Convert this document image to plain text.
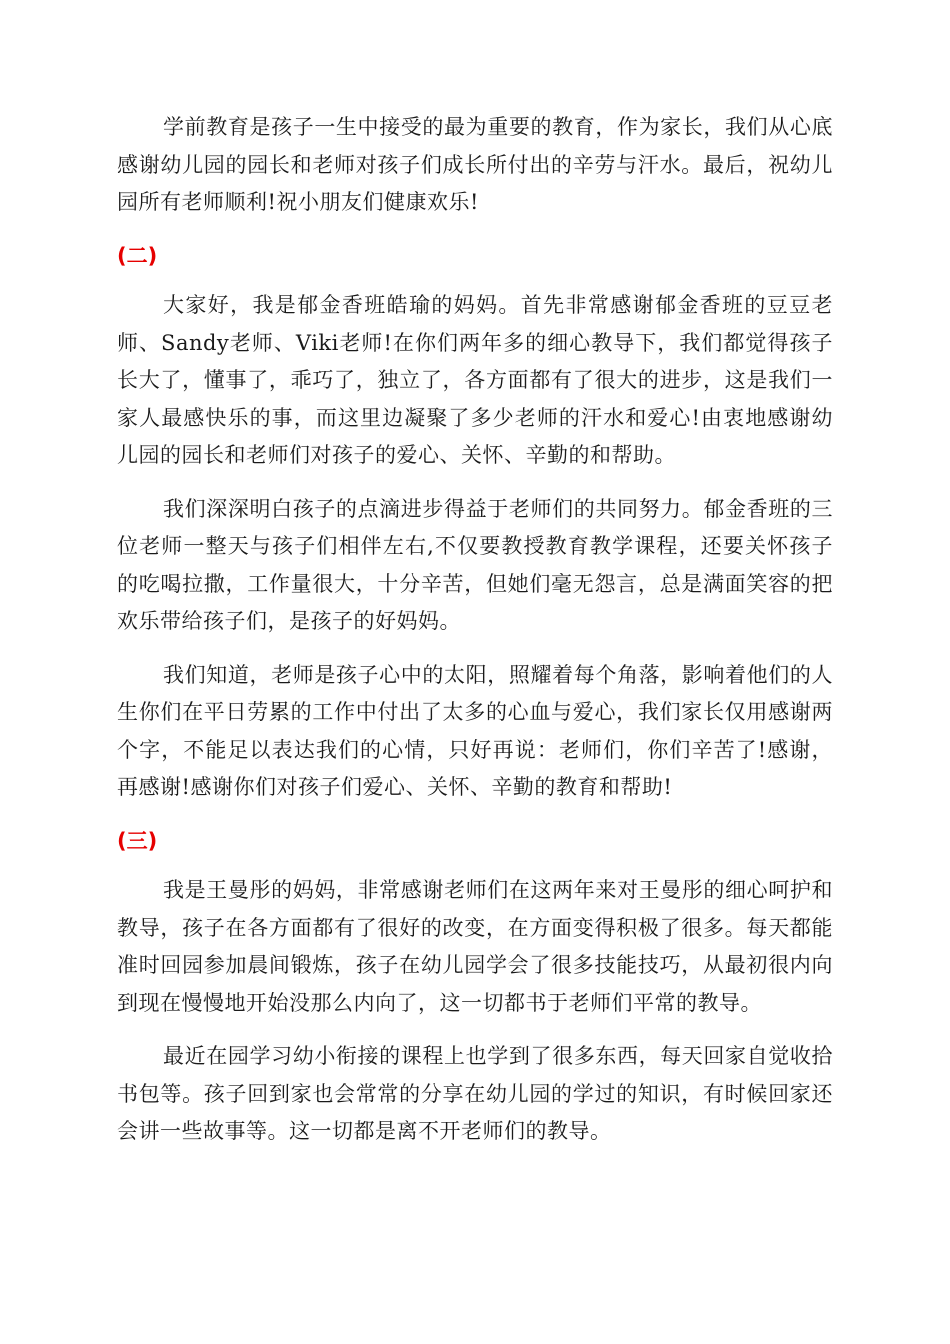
学前教育是孩子一生中接受的最为重要的教育，作为家长，我们从心底感谢幼儿园的园长和老师对孩子们成长所付出的辛劳与汗水。最后，祝幼儿园所有老师顺利!祝小朋友们健康欢乐!

(二)

大家好，我是郁金香班皓瑜的妈妈。首先非常感谢郁金香班的豆豆老师、Sandy老师、Viki老师!在你们两年多的细心教导下，我们都觉得孩子长大了，懂事了，乖巧了，独立了，各方面都有了很大的进步，这是我们一家人最感快乐的事，而这里边凝聚了多少老师的汗水和爱心!由衷地感谢幼儿园的园长和老师们对孩子的爱心、关怀、辛勤的和帮助。

我们深深明白孩子的点滴进步得益于老师们的共同努力。郁金香班的三位老师一整天与孩子们相伴左右,不仅要教授教育教学课程，还要关怀孩子的吃喝拉撒，工作量很大，十分辛苦，但她们毫无怨言，总是满面笑容的把欢乐带给孩子们，是孩子的好妈妈。

我们知道，老师是孩子心中的太阳，照耀着每个角落，影响着他们的人生你们在平日劳累的工作中付出了太多的心血与爱心，我们家长仅用感谢两个字，不能足以表达我们的心情，只好再说：老师们，你们辛苦了!感谢，再感谢!感谢你们对孩子们爱心、关怀、辛勤的教育和帮助!

(三)

我是王曼彤的妈妈，非常感谢老师们在这两年来对王曼彤的细心呵护和教导，孩子在各方面都有了很好的改变，在方面变得积极了很多。每天都能准时回园参加晨间锻炼，孩子在幼儿园学会了很多技能技巧，从最初很内向到现在慢慢地开始没那么内向了，这一切都书于老师们平常的教导。

最近在园学习幼小衔接的课程上也学到了很多东西，每天回家自觉收拾书包等。孩子回到家也会常常的分享在幼儿园的学过的知识，有时候回家还会讲一些故事等。这一切都是离不开老师们的教导。
